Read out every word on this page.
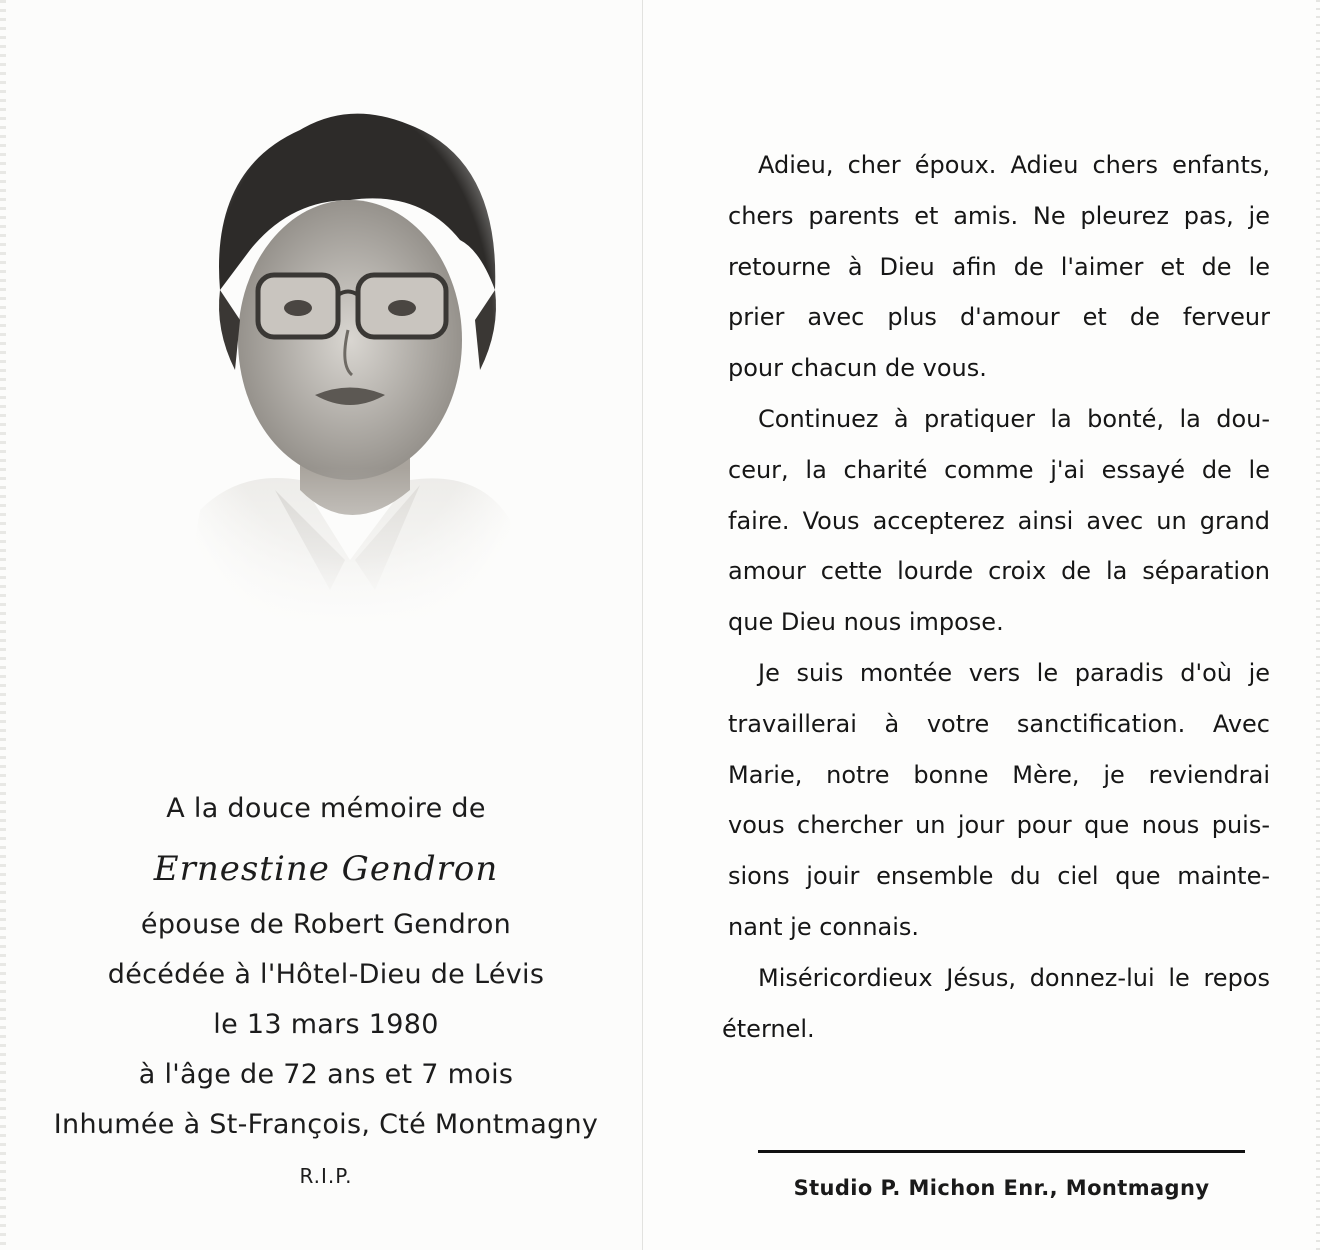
A la douce mémoire de
Ernestine Gendron
épouse de Robert Gendron
décédée à l'Hôtel-Dieu de Lévis
le 13 mars 1980
à l'âge de 72 ans et 7 mois
Inhumée à St-François, Cté Montmagny
R.I.P.
Adieu, cher époux. Adieu chers enfants,
chers parents et amis. Ne pleurez pas, je
retourne à Dieu afin de l'aimer et de le
prier avec plus d'amour et de ferveur
pour chacun de vous.
Continuez à pratiquer la bonté, la dou-
ceur, la charité comme j'ai essayé de le
faire. Vous accepterez ainsi avec un grand
amour cette lourde croix de la séparation
que Dieu nous impose.
Je suis montée vers le paradis d'où je
travaillerai à votre sanctification. Avec
Marie, notre bonne Mère, je reviendrai
vous chercher un jour pour que nous puis-
sions jouir ensemble du ciel que mainte-
nant je connais.
Miséricordieux Jésus, donnez-lui le repos
éternel.
Studio P. Michon Enr., Montmagny
